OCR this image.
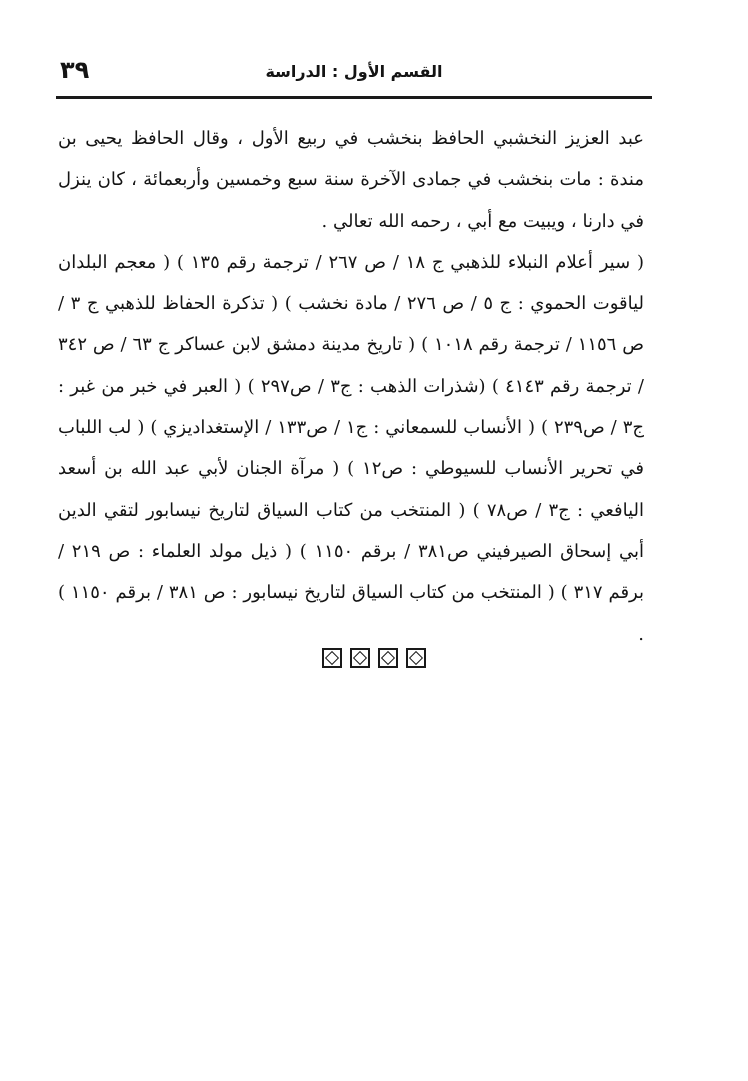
القسم الأول : الدراسة
٣٩

عبد العزيز النخشبي الحافظ بنخشب في ربيع الأول ، وقال الحافظ يحيى بن مندة : مات بنخشب في جمادى الآخرة سنة سبع وخمسين وأربعمائة ، كان ينزل في دارنا ، ويبيت مع أبي ، رحمه الله تعالي .

( سير أعلام النبلاء للذهبي ج ١٨ / ص ٢٦٧ / ترجمة رقم ١٣٥ ) ( معجم البلدان لياقوت الحموي : ج ٥ / ص ٢٧٦ / مادة نخشب ) ( تذكرة الحفاظ للذهبي ج ٣ / ص ١١٥٦ / ترجمة رقم ١٠١٨ ) ( تاريخ مدينة دمشق لابن عساكر ج ٦٣ / ص ٣٤٢ / ترجمة رقم ٤١٤٣ ) (شذرات الذهب : ج٣ / ص٢٩٧ ) ( العبر في خبر من غبر : ج٣ / ص٢٣٩ ) ( الأنساب للسمعاني : ج١ / ص١٣٣ / الإستغداديزي ) ( لب اللباب في تحرير الأنساب للسيوطي : ص١٢ ) ( مرآة الجنان لأبي عبد الله بن أسعد اليافعي : ج٣ / ص٧٨ ) ( المنتخب من كتاب السياق لتاريخ نيسابور لتقي الدين أبي إسحاق الصيرفيني ص٣٨١ / برقم ١١٥٠ ) ( ذيل مولد العلماء : ص ٢١٩ / برقم ٣١٧ ) ( المنتخب من كتاب السياق لتاريخ نيسابور : ص ٣٨١ / برقم ١١٥٠ ) .
